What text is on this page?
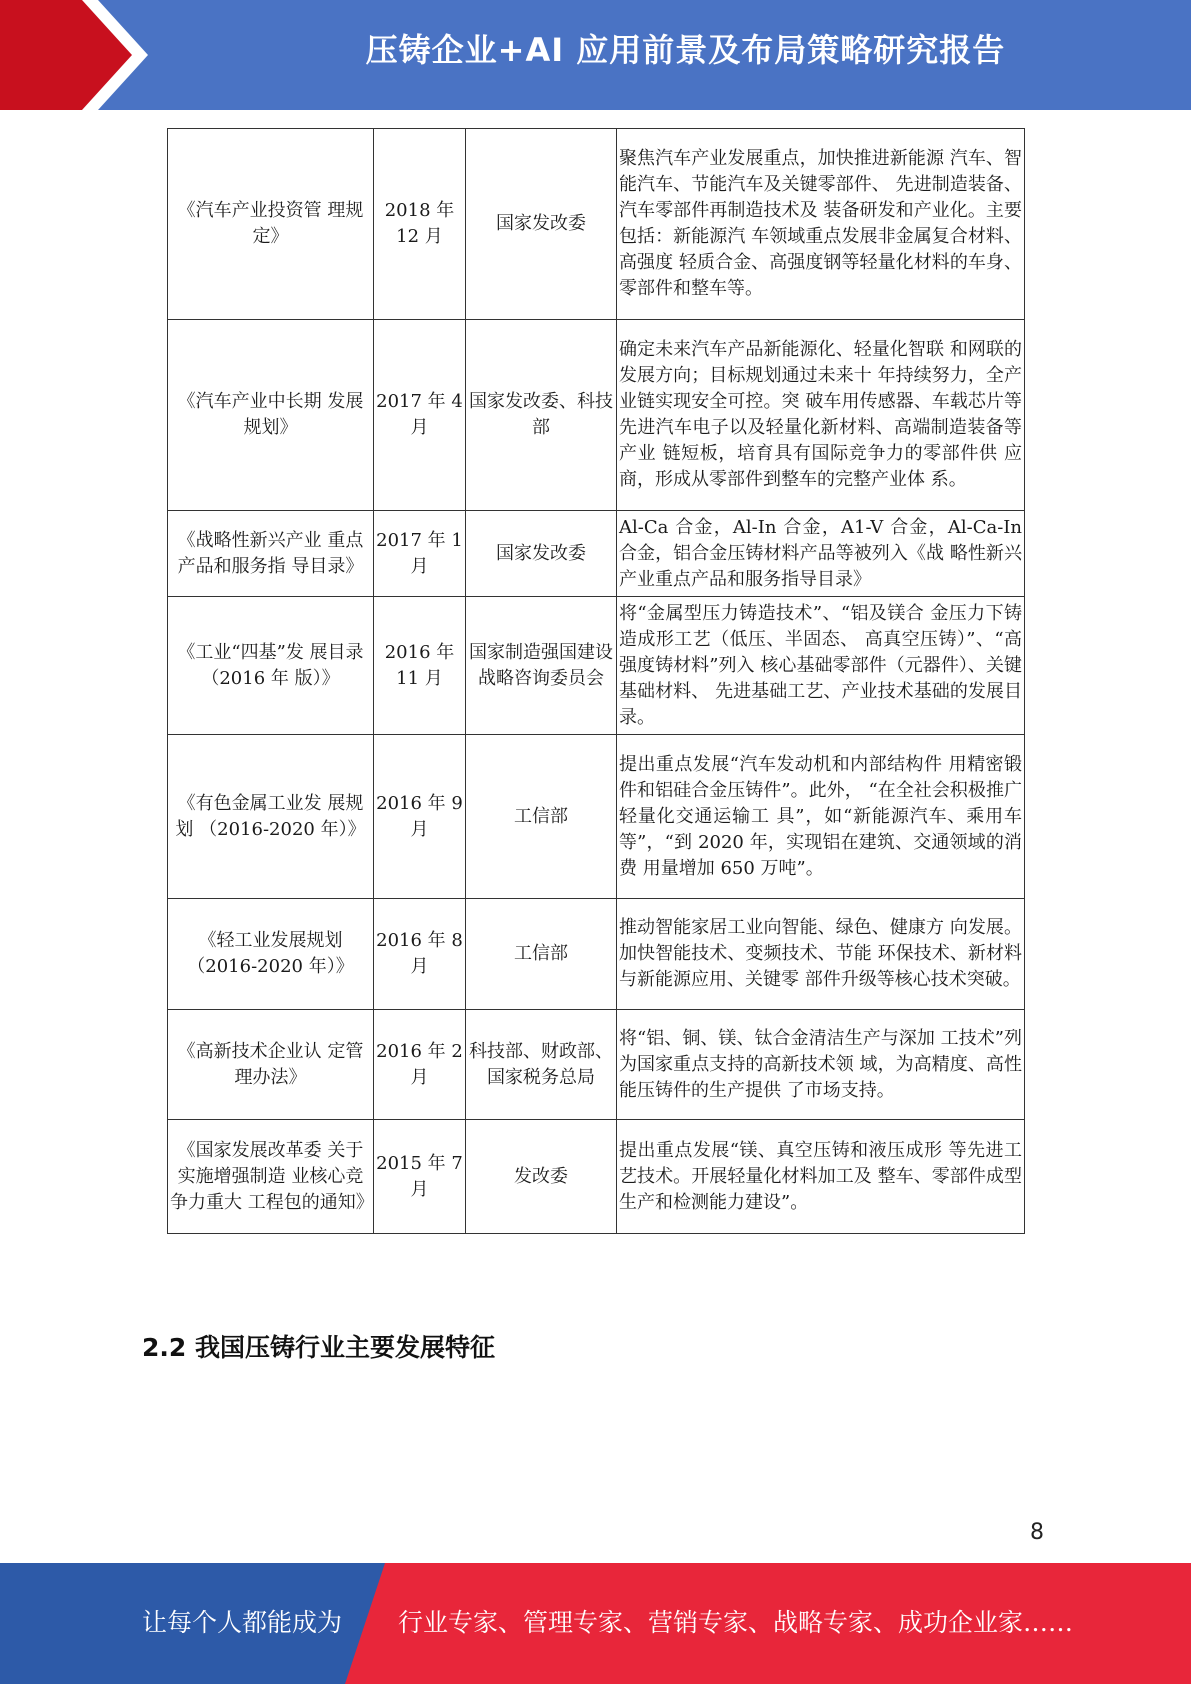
压铸企业+AI 应用前景及布局策略研究报告
《汽车产业投资管 理规定》	2018 年 12 月	国家发改委	聚焦汽车产业发展重点，加快推进新能源 汽车、智能汽车、节能汽车及关键零部件、 先进制造装备、汽车零部件再制造技术及 装备研发和产业化。主要包括：新能源汽 车领域重点发展非金属复合材料、高强度 轻质合金、高强度钢等轻量化材料的车身、 零部件和整车等。
《汽车产业中长期 发展规划》	2017 年 4 月	国家发改委、科技部	确定未来汽车产品新能源化、轻量化智联 和网联的发展方向；目标规划通过未来十 年持续努力，全产业链实现安全可控。突 破车用传感器、车载芯片等先进汽车电子以及轻量化新材料、高端制造装备等产业 链短板，培育具有国际竞争力的零部件供 应商，形成从零部件到整车的完整产业体 系。
《战略性新兴产业 重点产品和服务指 导目录》	2017 年 1 月	国家发改委	Al-Ca 合金，Al-In 合金，A1-V 合金，Al-Ca-In 合金，铝合金压铸材料产品等被列入《战 略性新兴产业重点产品和服务指导目录》
《工业“四基”发 展目录（2016 年 版）》	2016 年 11 月	国家制造强国建设战略咨询委员会	将“金属型压力铸造技术”、“铝及镁合 金压力下铸造成形工艺（低压、半固态、 高真空压铸）”、“高强度铸材料”列入 核心基础零部件（元器件）、关键基础材料、 先进基础工艺、产业技术基础的发展目录。
《有色金属工业发 展规划 （2016-2020 年）》	2016 年 9 月	工信部	提出重点发展“汽车发动机和内部结构件 用精密锻件和铝硅合金压铸件”。此外， “在全社会积极推广轻量化交通运输工 具”，如“新能源汽车、乘用车等”，“到 2020 年，实现铝在建筑、交通领域的消费 用量增加 650 万吨”。
《轻工业发展规划 （2016-2020 年）》	2016 年 8 月	工信部	推动智能家居工业向智能、绿色、健康方 向发展。加快智能技术、变频技术、节能 环保技术、新材料与新能源应用、关键零 部件升级等核心技术突破。
《高新技术企业认 定管理办法》	2016 年 2 月	科技部、财政部、国家税务总局	将“铝、铜、镁、钛合金清洁生产与深加 工技术”列为国家重点支持的高新技术领 域，为高精度、高性能压铸件的生产提供 了市场支持。
《国家发展改革委 关于实施增强制造 业核心竞争力重大 工程包的通知》	2015 年 7 月	发改委	提出重点发展“镁、真空压铸和液压成形 等先进工艺技术。开展轻量化材料加工及 整车、零部件成型生产和检测能力建设”。
2.2 我国压铸行业主要发展特征
8
让每个人都能成为 行业专家、管理专家、营销专家、战略专家、成功企业家……
